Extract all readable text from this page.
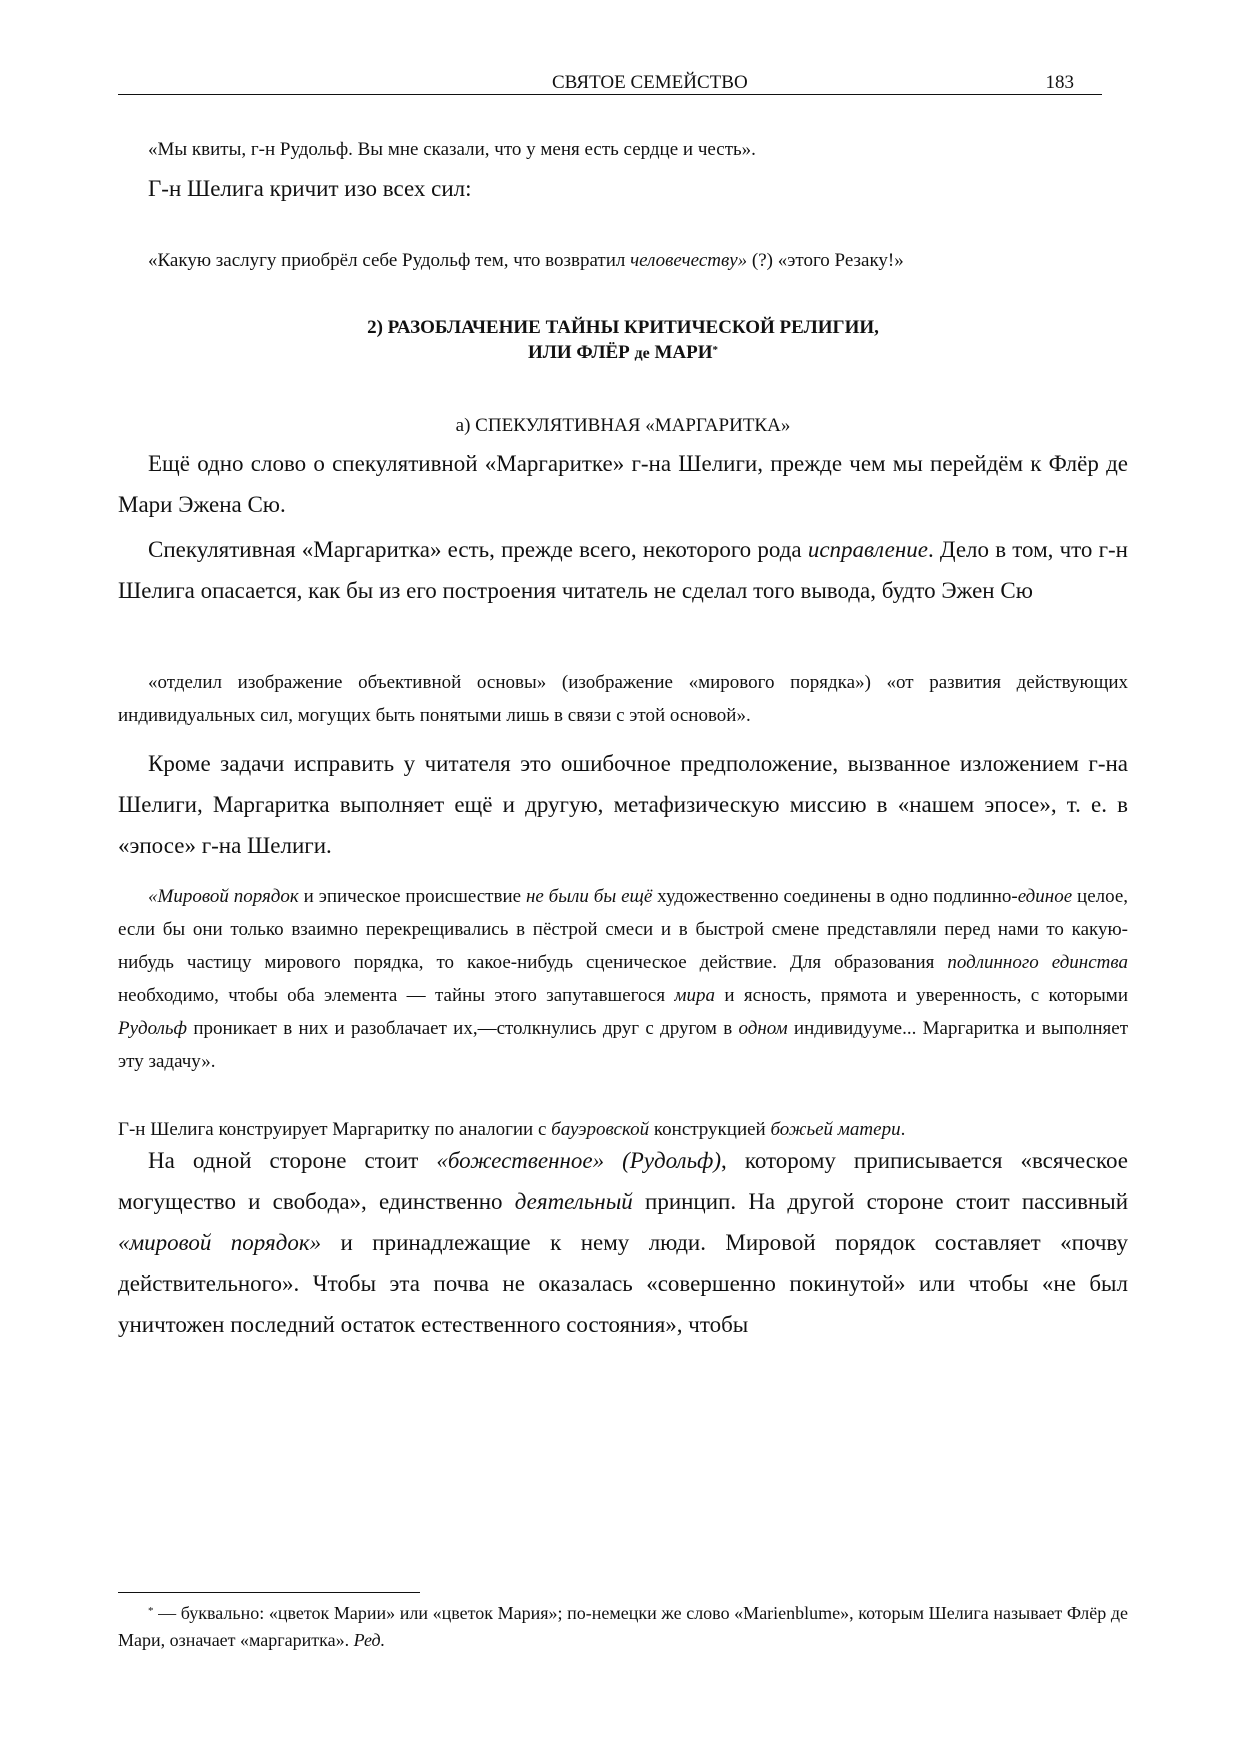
СВЯТОЕ СЕМЕЙСТВО	183

«Мы квиты, г-н Рудольф. Вы мне сказали, что у меня есть сердце и честь».

Г-н Шелига кричит изо всех сил:

«Какую заслугу приобрёл себе Рудольф тем, что возвратил человечеству» (?) «этого Резаку!»

2) РАЗОБЛАЧЕНИЕ ТАЙНЫ КРИТИЧЕСКОЙ РЕЛИГИИ,
ИЛИ ФЛЁР де МАРИ*
a) СПЕКУЛЯТИВНАЯ «МАРГАРИТКА»

Ещё одно слово о спекулятивной «Маргаритке» г-на Шелиги, прежде чем мы перейдём к Флёр де Мари Эжена Сю.

Спекулятивная «Маргаритка» есть, прежде всего, некоторого рода исправление. Дело в том, что г-н Шелига опасается, как бы из его построения читатель не сделал того вывода, будто Эжен Сю

«отделил изображение объективной основы» (изображение «мирового порядка») «от развития действующих индивидуальных сил, могущих быть понятыми лишь в связи с этой основой».

Кроме задачи исправить у читателя это ошибочное предположение, вызванное изложением г-на Шелиги, Маргаритка выполняет ещё и другую, метафизическую миссию в «нашем эпосе», т. е. в «эпосе» г-на Шелиги.

«Мировой порядок и эпическое происшествие не были бы ещё художественно соединены в одно подлинно-единое целое, если бы они только взаимно перекрещивались в пёстрой смеси и в быстрой смене представляли перед нами то какую-нибудь частицу мирового порядка, то какое-нибудь сценическое действие. Для образования подлинного единства необходимо, чтобы оба элемента — тайны этого запутавшегося мира и ясность, прямота и уверенность, с которыми Рудольф проникает в них и разоблачает их,—столкнулись друг с другом в одном индивидууме... Маргаритка и выполняет эту задачу».

Г-н Шелига конструирует Маргаритку по аналогии с бауэровской конструкцией божьей матери.

На одной стороне стоит «божественное» (Рудольф), которому приписывается «всяческое могущество и свобода», единственно деятельный принцип. На другой стороне стоит пассивный «мировой порядок» и принадлежащие к нему люди. Мировой порядок составляет «почву действительного». Чтобы эта почва не оказалась «совершенно покинутой» или чтобы «не был уничтожен последний остаток естественного состояния», чтобы

* — буквально: «цветок Марии» или «цветок Мария»; по-немецки же слово «Marienblume», которым Шелига называет Флёр де Мари, означает «маргаритка». Ред.
